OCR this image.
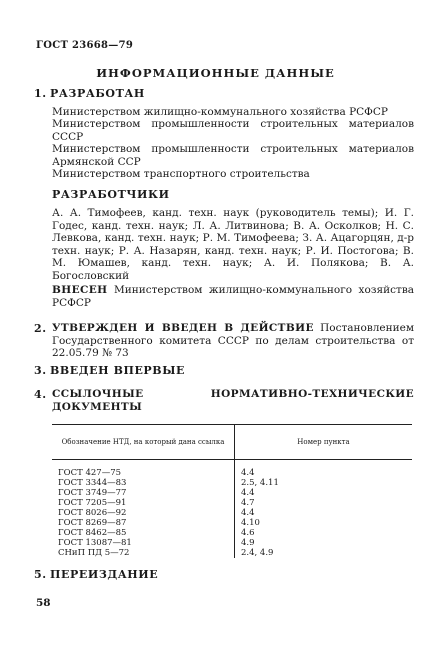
ГОСТ 23668—79
ИНФОРМАЦИОННЫЕ ДАННЫЕ
1. РАЗРАБОТАН
Министерством жилищно-коммунального хозяйства РСФСР
Министерством промышленности строительных материалов СССР
Министерством промышленности строительных материалов Армянской ССР
Министерством транспортного строительства
РАЗРАБОТЧИКИ
А. А. Тимофеев, канд. техн. наук (руководитель темы); И. Г. Годес, канд. техн. наук; Л. А. Литвинова; В. А. Осколков; Н. С. Левкова, канд. техн. наук; Р. М. Тимофеева; З. А. Ацагорцян, д-р техн. наук; Р. А. Назарян, канд. техн. наук; Р. И. Постогова; В. М. Юмашев, канд. техн. наук; А. И. Полякова; В. А. Богословский
ВНЕСЕН Министерством жилищно-коммунального хозяйства РСФСР
2. УТВЕРЖДЕН И ВВЕДЕН В ДЕЙСТВИЕ Постановлением Государственного комитета СССР по делам строительства от 22.05.79 № 73
3. ВВЕДЕН ВПЕРВЫЕ
4. ССЫЛОЧНЫЕ НОРМАТИВНО-ТЕХНИЧЕСКИЕ ДОКУМЕНТЫ
Обозначение НТД, на который дана ссылка	Номер пункта
ГОСТ 427—75	4.4
ГОСТ 3344—83	2.5, 4.11
ГОСТ 3749—77	4.4
ГОСТ 7205—91	4.7
ГОСТ 8026—92	4.4
ГОСТ 8269—87	4.10
ГОСТ 8462—85	4.6
ГОСТ 13087—81	4.9
СНиП ПД 5—72	2.4, 4.9
5. ПЕРЕИЗДАНИЕ
58
